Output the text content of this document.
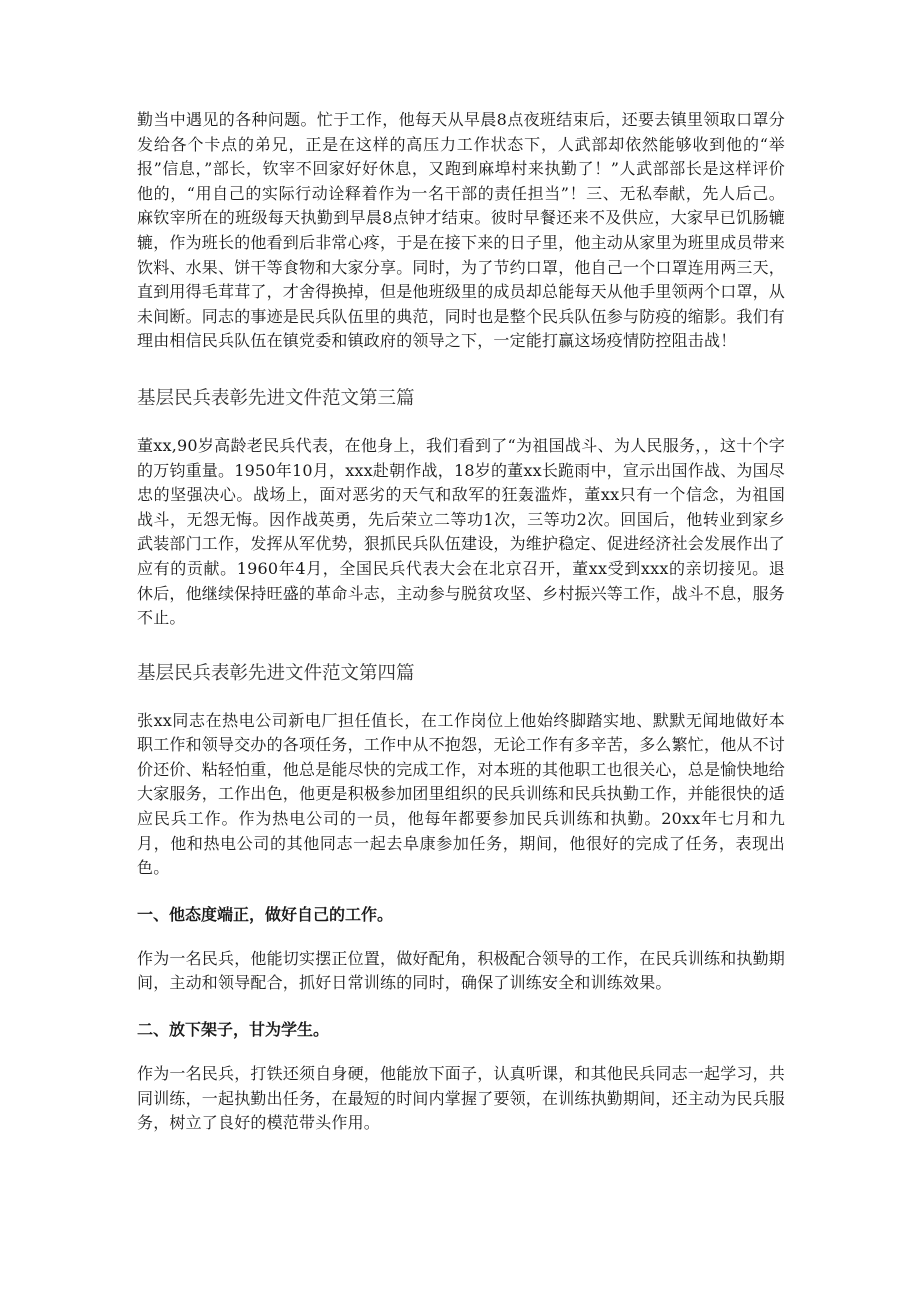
勤当中遇见的各种问题。忙于工作，他每天从早晨8点夜班结束后，还要去镇里领取口罩分发给各个卡点的弟兄，正是在这样的高压力工作状态下，人武部却依然能够收到他的“举报”信息，”部长，钦宰不回家好好休息，又跑到麻埠村来执勤了！”人武部部长是这样评价他的，“用自己的实际行动诠释着作为一名干部的责任担当”！三、无私奉献，先人后己。麻钦宰所在的班级每天执勤到早晨8点钟才结束。彼时早餐还来不及供应，大家早已饥肠辘辘，作为班长的他看到后非常心疼，于是在接下来的日子里，他主动从家里为班里成员带来饮料、水果、饼干等食物和大家分享。同时，为了节约口罩，他自己一个口罩连用两三天，直到用得毛茸茸了，才舍得换掉，但是他班级里的成员却总能每天从他手里领两个口罩，从未间断。同志的事迹是民兵队伍里的典范，同时也是整个民兵队伍参与防疫的缩影。我们有理由相信民兵队伍在镇党委和镇政府的领导之下，一定能打赢这场疫情防控阻击战！

基层民兵表彰先进文件范文第三篇

董xx,90岁高龄老民兵代表，在他身上，我们看到了“为祖国战斗、为人民服务，，这十个字的万钧重量。1950年10月，xxx赴朝作战，18岁的董xx长跪雨中，宣示出国作战、为国尽忠的坚强决心。战场上，面对恶劣的天气和敌军的狂轰滥炸，董xx只有一个信念，为祖国战斗，无怨无悔。因作战英勇，先后荣立二等功1次，三等功2次。回国后，他转业到家乡武装部门工作，发挥从军优势，狠抓民兵队伍建设，为维护稳定、促进经济社会发展作出了应有的贡献。1960年4月，全国民兵代表大会在北京召开，董xx受到xxx的亲切接见。退休后，他继续保持旺盛的革命斗志，主动参与脱贫攻坚、乡村振兴等工作，战斗不息，服务不止。

基层民兵表彰先进文件范文第四篇

张xx同志在热电公司新电厂担任值长，在工作岗位上他始终脚踏实地、默默无闻地做好本职工作和领导交办的各项任务，工作中从不抱怨，无论工作有多辛苦，多么繁忙，他从不讨价还价、粘轻怕重，他总是能尽快的完成工作，对本班的其他职工也很关心，总是愉快地给大家服务，工作出色，他更是积极参加团里组织的民兵训练和民兵执勤工作，并能很快的适应民兵工作。作为热电公司的一员，他每年都要参加民兵训练和执勤。20xx年七月和九月，他和热电公司的其他同志一起去阜康参加任务，期间，他很好的完成了任务，表现出色。

一、他态度端正，做好自己的工作。

作为一名民兵，他能切实摆正位置，做好配角，积极配合领导的工作，在民兵训练和执勤期间，主动和领导配合，抓好日常训练的同时，确保了训练安全和训练效果。

二、放下架子，甘为学生。

作为一名民兵，打铁还须自身硬，他能放下面子，认真听课，和其他民兵同志一起学习，共同训练，一起执勤出任务，在最短的时间内掌握了要领，在训练执勤期间，还主动为民兵服务，树立了良好的模范带头作用。
